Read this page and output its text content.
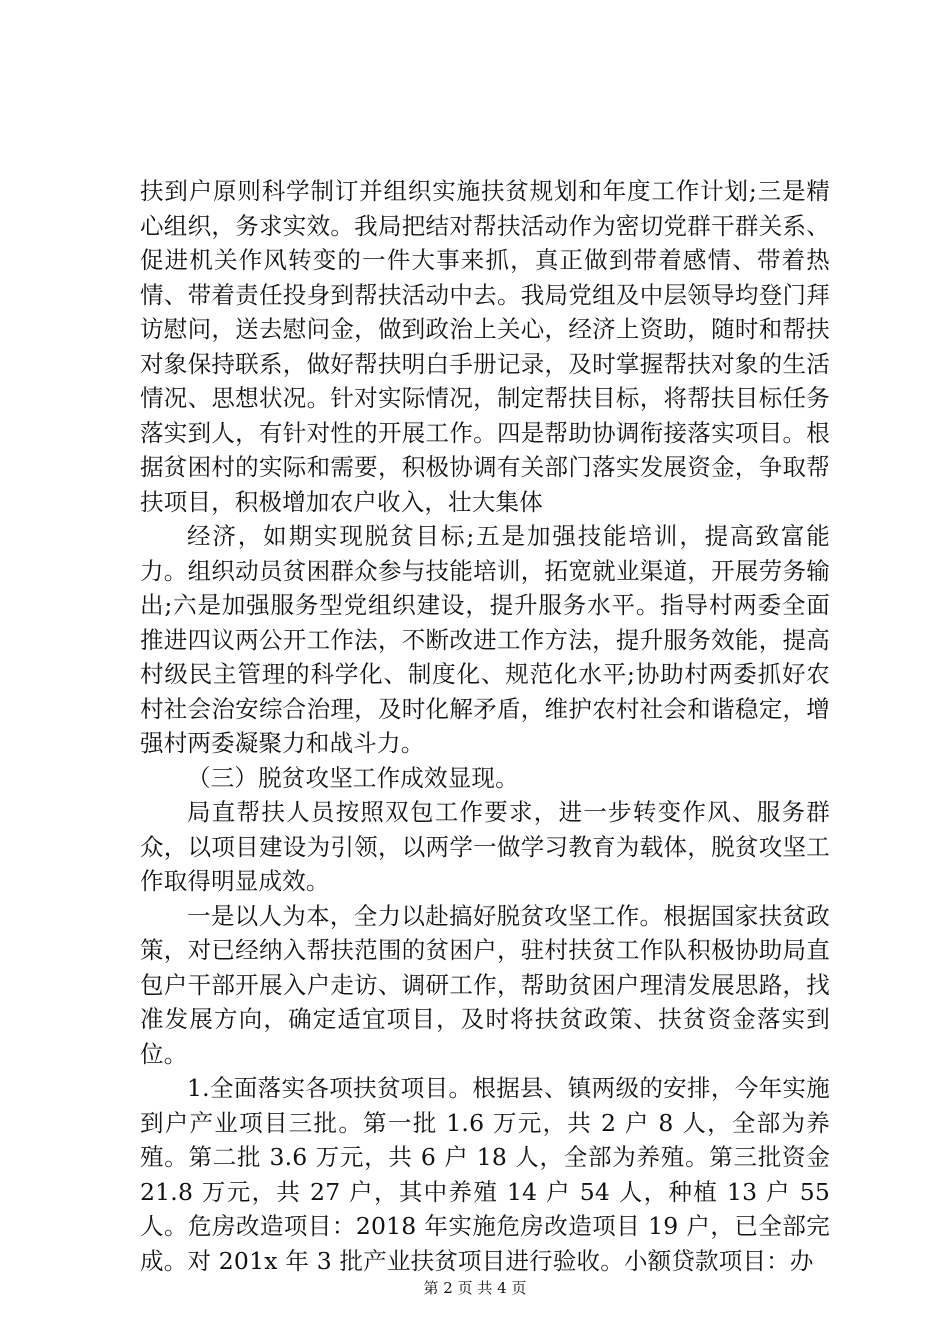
扶到户原则科学制订并组织实施扶贫规划和年度工作计划;三是精心组织，务求实效。我局把结对帮扶活动作为密切党群干群关系、促进机关作风转变的一件大事来抓，真正做到带着感情、带着热情、带着责任投身到帮扶活动中去。我局党组及中层领导均登门拜访慰问，送去慰问金，做到政治上关心，经济上资助，随时和帮扶对象保持联系，做好帮扶明白手册记录，及时掌握帮扶对象的生活情况、思想状况。针对实际情况，制定帮扶目标，将帮扶目标任务落实到人，有针对性的开展工作。四是帮助协调衔接落实项目。根据贫困村的实际和需要，积极协调有关部门落实发展资金，争取帮扶项目，积极增加农户收入，壮大集体

经济，如期实现脱贫目标;五是加强技能培训，提高致富能力。组织动员贫困群众参与技能培训，拓宽就业渠道，开展劳务输出;六是加强服务型党组织建设，提升服务水平。指导村两委全面推进四议两公开工作法，不断改进工作方法，提升服务效能，提高村级民主管理的科学化、制度化、规范化水平;协助村两委抓好农村社会治安综合治理，及时化解矛盾，维护农村社会和谐稳定，增强村两委凝聚力和战斗力。

（三）脱贫攻坚工作成效显现。

局直帮扶人员按照双包工作要求，进一步转变作风、服务群众，以项目建设为引领，以两学一做学习教育为载体，脱贫攻坚工作取得明显成效。

一是以人为本，全力以赴搞好脱贫攻坚工作。根据国家扶贫政策，对已经纳入帮扶范围的贫困户，驻村扶贫工作队积极协助局直包户干部开展入户走访、调研工作，帮助贫困户理清发展思路，找准发展方向，确定适宜项目，及时将扶贫政策、扶贫资金落实到位。

1.全面落实各项扶贫项目。根据县、镇两级的安排，今年实施到户产业项目三批。第一批 1.6 万元，共 2 户 8 人，全部为养殖。第二批 3.6 万元，共 6 户 18 人，全部为养殖。第三批资金 21.8 万元，共 27 户，其中养殖 14 户 54 人，种植 13 户 55 人。危房改造项目：2018 年实施危房改造项目 19 户，已全部完成。对 201x 年 3 批产业扶贫项目进行验收。小额贷款项目：办

第 2 页 共 4 页
